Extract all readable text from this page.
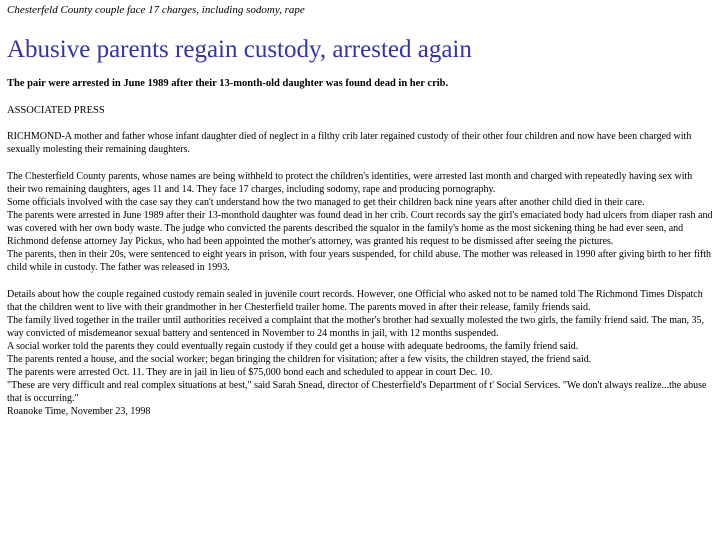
Chesterfeld County couple face 17 charges, including sodomy, rape

Abusive parents regain custody, arrested again

The pair were arrested in June 1989 after their 13-month-old daughter was found dead in her crib.

ASSOCIATED PRESS

RICHMOND-A mother and father whose infant daughter died of neglect in a filthy crib later regained custody of their other four children and now have been charged with sexually molesting their remaining daughters.

The Chesterfield County parents, whose names are being withheld to protect the children's identities, were arrested last month and charged with repeatedly having sex with their two remaining daughters, ages 11 and 14. They face 17 charges, including sodomy, rape and producing pornography.

Some officials involved with the case say they can't understand how the two managed to get their children back nine years after another child died in their care.

The parents were arrested in June 1989 after their 13-monthold daughter was found dead in her crib. Court records say the girl's emaciated body had ulcers from diaper rash and was covered with her own body waste. The judge who convicted the parents described the squalor in the family's home as the most sickening thing he had ever seen, and Richmond defense attorney Jay Pickus, who had been appointed the mother's attorney, was granted his request to be dismissed after seeing the pictures.

The parents, then in their 20s, were sentenced to eight years in prison, with four years suspended, for child abuse. The mother was released in 1990 after giving birth to her fifth child while in custody. The father was released in 1993.

Details about how the couple regained custody remain sealed in juvenile court records. However, one Official who asked not to be named told The Richmond Times Dispatch that the children went to live with their grandmother in her Chesterfield trailer home. The parents moved in after their release, family friends said.

The family lived together in the trailer until authorities received a complaint that the mother's brother had sexually molested the two girls, the family friend said. The man, 35, way convicted of misdemeanor sexual battery and sentenced in November to 24 months in jail, with 12 months suspended.

A social worker told the parents they could eventually regain custody if they could get a house with adequate bedrooms, the family friend said.

The parents rented a house, and the social worker; began bringing the children for visitation; after a few visits, the children stayed, the friend said.

The parents were arrested Oct. 11. They are in jail in lieu of $75,000 bond each and scheduled to appear in court Dec. 10.

"These are very difficult and real complex situations at best," said Sarah Snead, director of Chesterfield's Department of t' Social Services. "We don't always realize...the abuse that is occurring."

Roanoke Time, November 23, 1998
